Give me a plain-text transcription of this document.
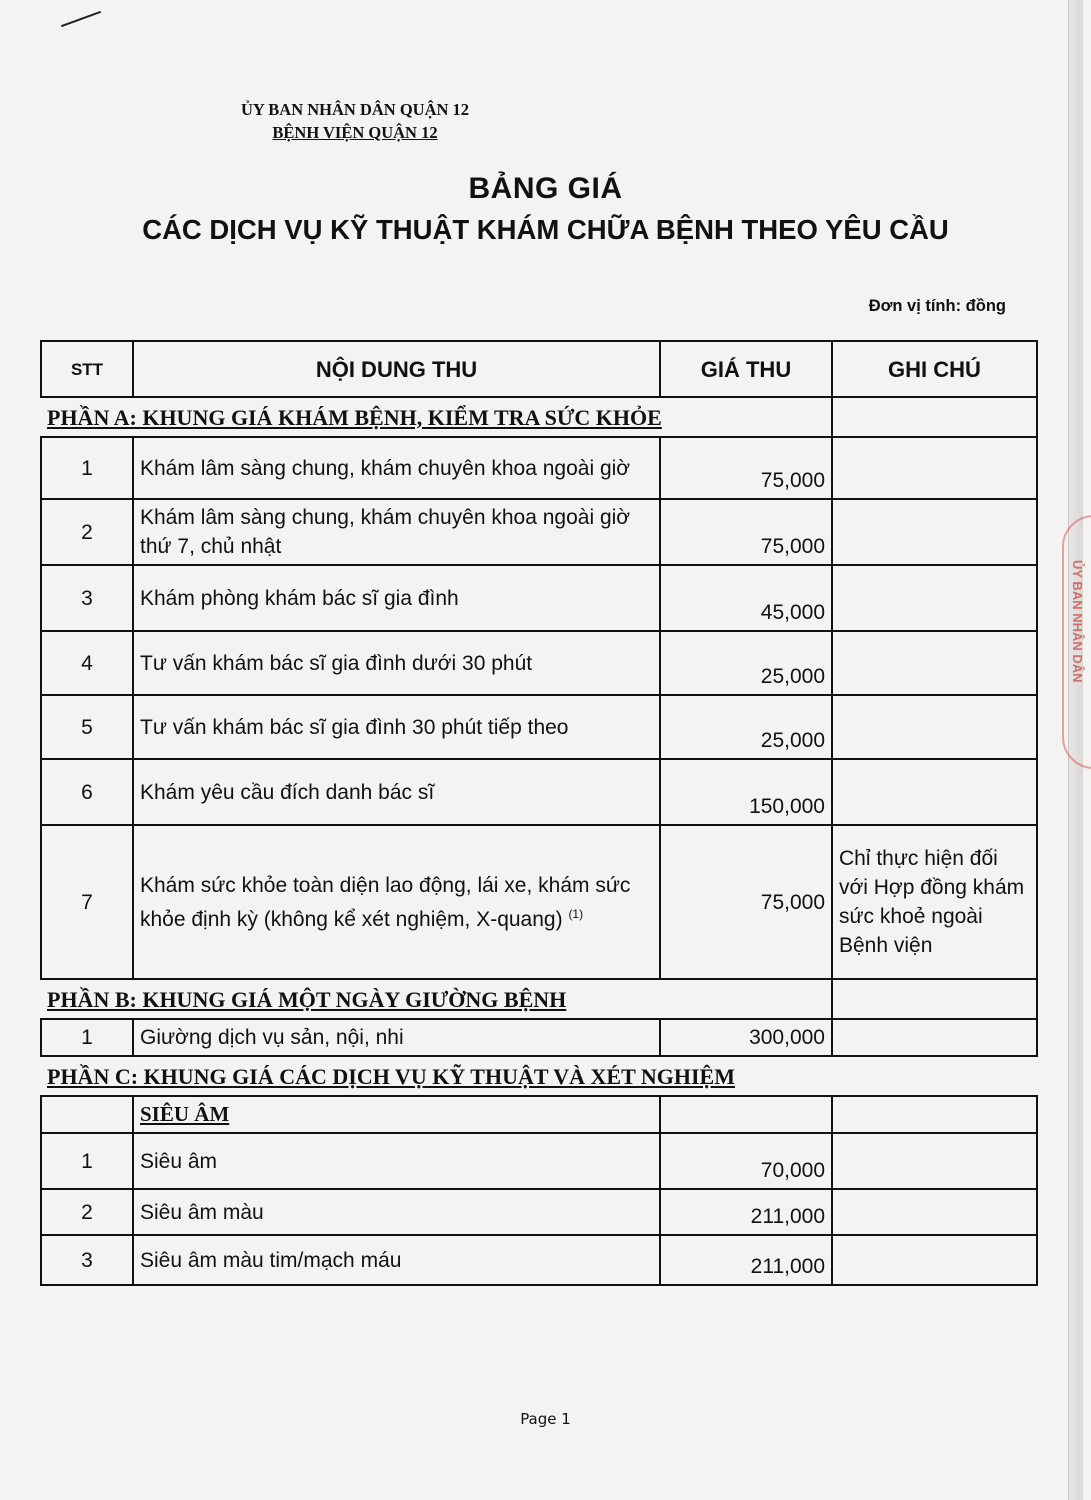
ỦY BAN NHÂN DÂN QUẬN 12
BỆNH VIỆN QUẬN 12
BẢNG GIÁ
CÁC DỊCH VỤ KỸ THUẬT KHÁM CHỮA BỆNH THEO YÊU CẦU
Đơn vị tính: đồng
ỦY BAN NHÂN DÂN
STT	NỘI DUNG THU	GIÁ THU	GHI CHÚ
PHẦN A: KHUNG GIÁ KHÁM BỆNH, KIỂM TRA SỨC KHỎE			
1	Khám lâm sàng chung, khám chuyên khoa ngoài giờ	75,000	
2	Khám lâm sàng chung, khám chuyên khoa ngoài giờ thứ 7, chủ nhật	75,000	
3	Khám phòng khám bác sĩ gia đình	45,000	
4	Tư vấn khám bác sĩ gia đình dưới 30 phút	25,000	
5	Tư vấn khám bác sĩ gia đình 30 phút tiếp theo	25,000	
6	Khám yêu cầu đích danh bác sĩ	150,000	
7	Khám sức khỏe toàn diện lao động, lái xe, khám sức khỏe định kỳ (không kể xét nghiệm, X-quang) $^{(1)}$	75,000	Chỉ thực hiện đối với Hợp đồng khám sức khoẻ ngoài Bệnh viện
PHẦN B: KHUNG GIÁ MỘT NGÀY GIƯỜNG BỆNH			
1	Giường dịch vụ sản, nội, nhi	300,000	
PHẦN C: KHUNG GIÁ CÁC DỊCH VỤ KỸ THUẬT VÀ XÉT NGHIỆM			
	SIÊU ÂM		
1	Siêu âm	70,000	
2	Siêu âm màu	211,000	
3	Siêu âm màu tim/mạch máu	211,000	
Page 1
